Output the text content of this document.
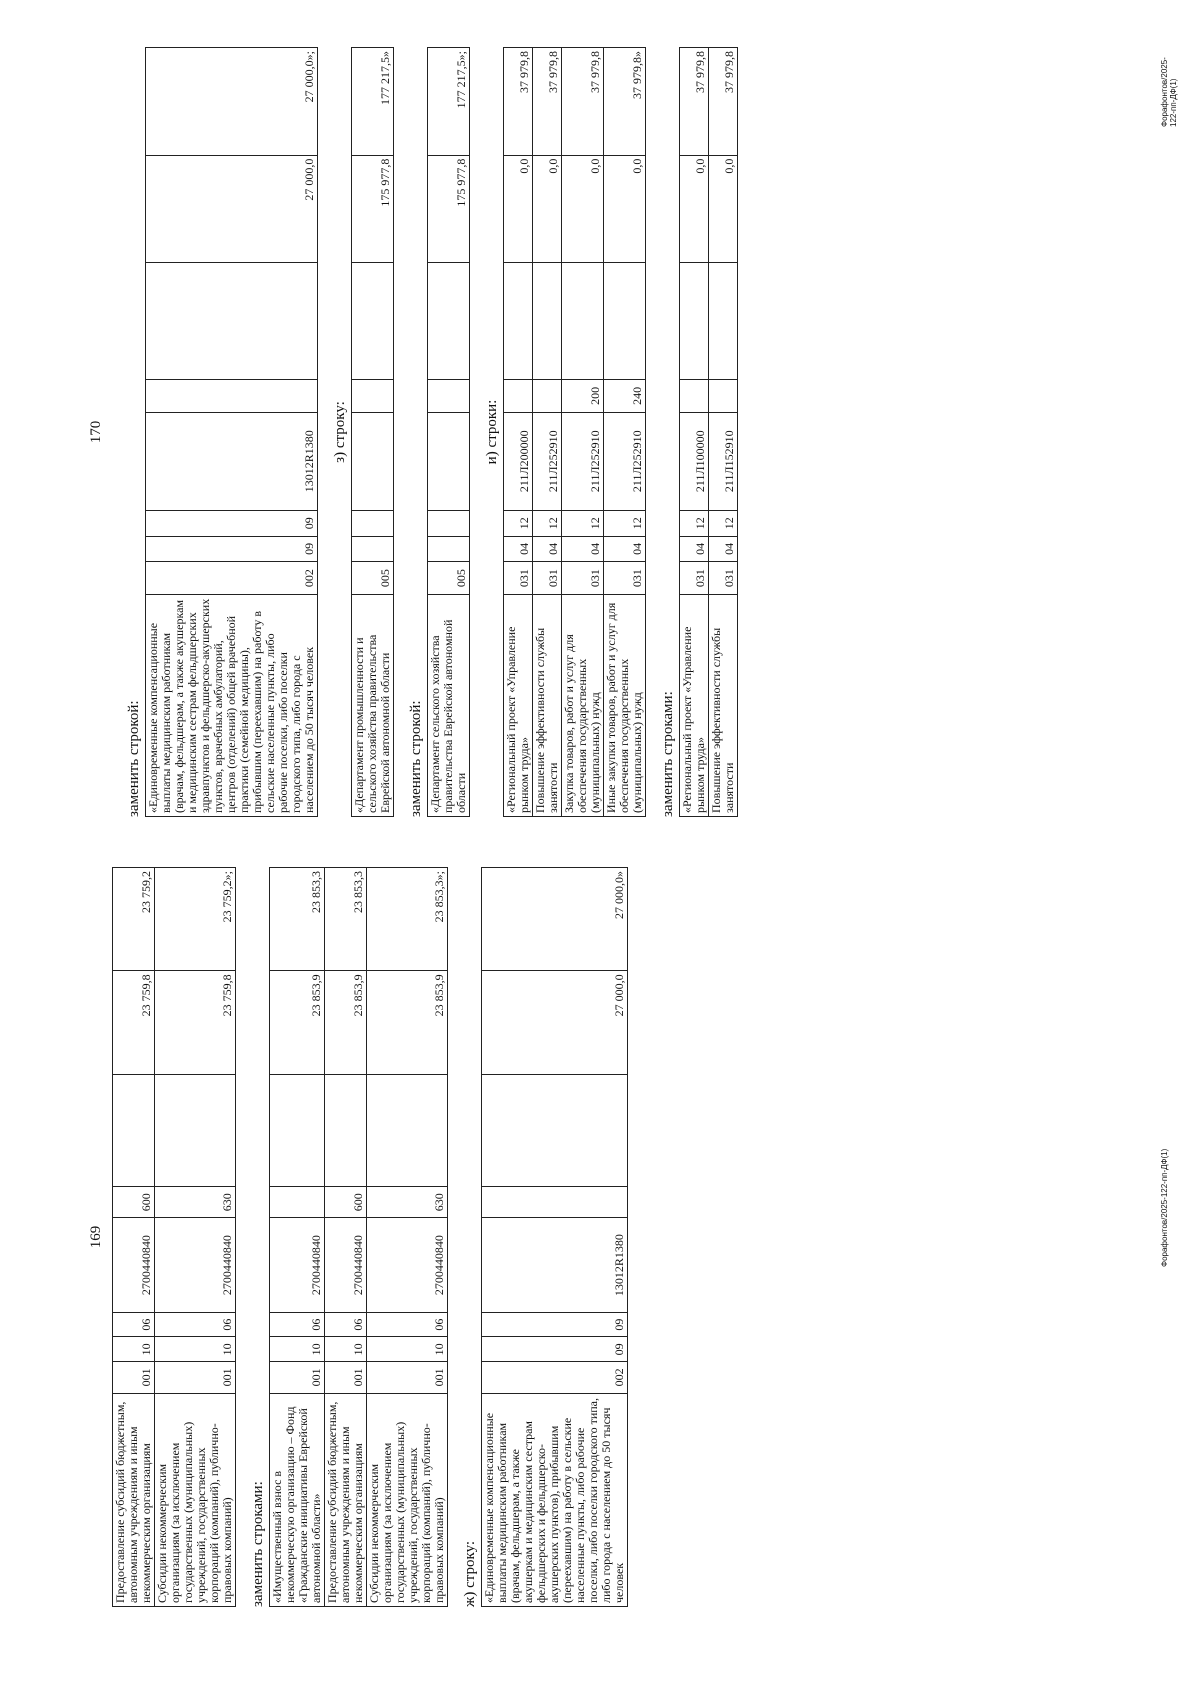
169
Предоставление субсидий бюджетным, автономным учреждениям и иным некоммерческим организациям	001	10	06	2700440840	600		23 759,8	23 759,2
Субсидии некоммерческим организациям (за исключением государственных (муниципальных) учреждений, государственных корпораций (компаний), публично-правовых компаний)	001	10	06	2700440840	630		23 759,8	23 759,2»;
заменить строками: «Имущественный взнос в некоммерческую организацию – Фонд «Гражданские инициативы Еврейской автономной области»	001	10	06	2700440840			23 853,9	23 853,3
Предоставление субсидий бюджетным, автономным учреждениям и иным некоммерческим организациям	001	10	06	2700440840	600		23 853,9	23 853,3
Субсидии некоммерческим организациям (за исключением государственных (муниципальных) учреждений, государственных корпораций (компаний), публично-правовых компаний)	001	10	06	2700440840	630		23 853,9	23 853,3»;
ж) строку: «Единовременные компенсационные выплаты медицинским работникам (врачам, фельдшерам, а также акушеркам и медицинским сестрам фельдшерских и фельдшерско-акушерских пунктов), прибывшим (переехавшим) на работу в сельские населенные пункты, либо рабочие поселки, либо поселки городского типа, либо города с населением до 50 тысяч человек	002	09	09	13012R1380			27 000,0	27 000,0»
Форафонтов/2025-122-пп-ДФ(1)
170
заменить строкой: «Единовременные компенсационные выплаты медицинским работникам (врачам, фельдшерам, а также акушеркам и медицинским сестрам фельдшерских здравпунктов и фельдшерско-акушерских пунктов, врачебных амбулаторий, центров (отделений) общей врачебной практики (семейной медицины), прибывшим (переехавшим) на работу в сельские населенные пункты, либо рабочие поселки, либо поселки городского типа, либо города с населением до 50 тысяч человек	002	09	09	13012R1380			27 000,0	27 000,0»;
з) строку:
«Департамент промышленности и сельского хозяйства правительства Еврейской автономной области	005						175 977,8	177 217,5»
заменить строкой: «Департамент сельского хозяйства правительства Еврейской автономной области	005						175 977,8	177 217,5»;
и) строки:
«Региональный проект «Управление рынком труда»	031	04	12	211Л200000			0,0	37 979,8
Повышение эффективности службы занятости	031	04	12	211Л252910			0,0	37 979,8
Закупка товаров, работ и услуг для обеспечения государственных (муниципальных) нужд	031	04	12	211Л252910	200		0,0	37 979,8
Иные закупки товаров, работ и услуг для обеспечения государственных (муниципальных) нужд	031	04	12	211Л252910	240		0,0	37 979,8»
заменить строками: «Региональный проект «Управление рынком труда»	031	04	12	211Л100000			0,0	37 979,8
Повышение эффективности службы занятости	031	04	12	211Л152910			0,0	37 979,8	Форафонтов/2025-122-пп-ДФ(1)
